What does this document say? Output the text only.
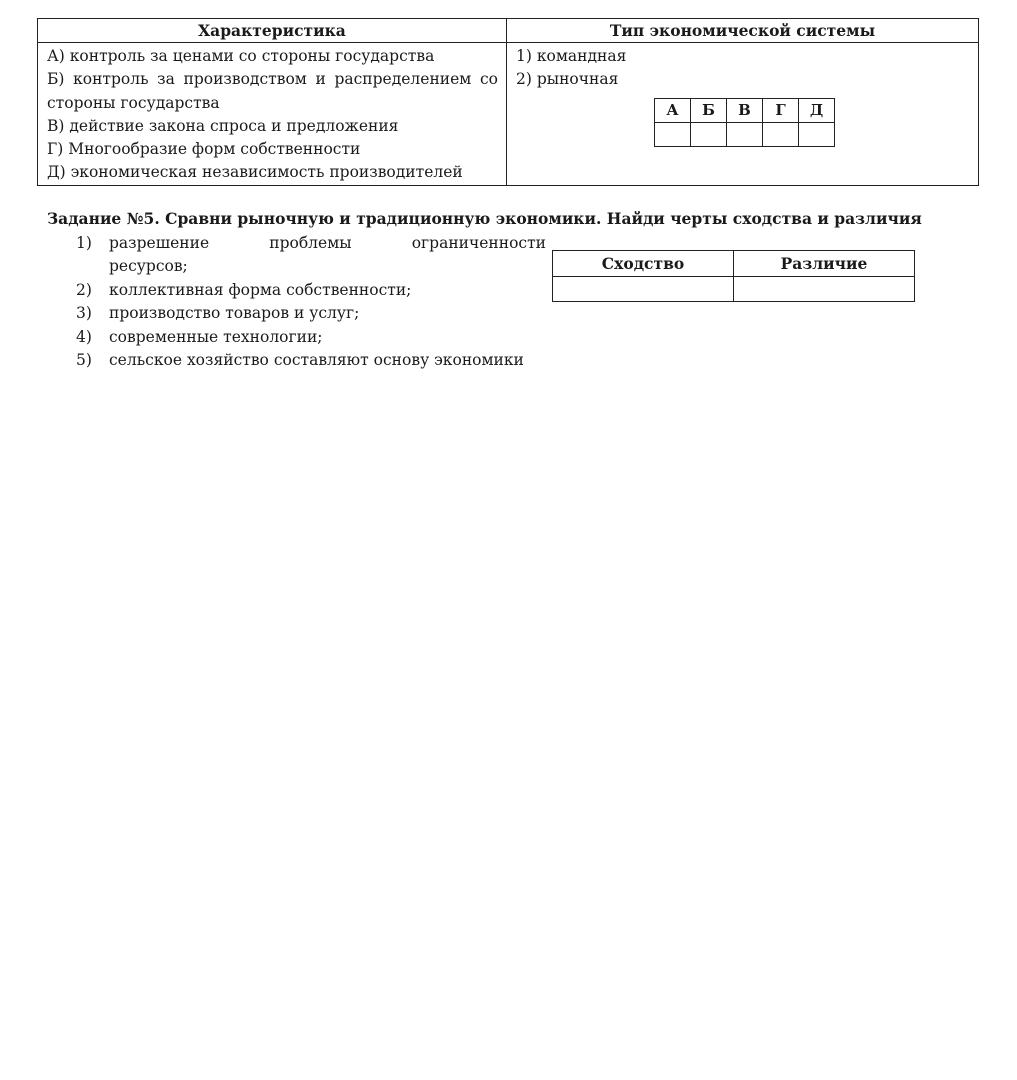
Характеристика	Тип экономической системы

А) контроль за ценами со стороны государства
Б) контроль за производством и распределением со стороны государства
В) действие закона спроса и предложения
Г) Многообразие форм собственности
Д) экономическая независимость производителей

1) командная
2) рыночная
А	Б	В	Г	Д

Задание №5. Сравни рыночную и традиционную экономики. Найди черты сходства и различия
1)	разрешение проблемы ограниченности
ресурсов;
2)	коллективная форма собственности;
3)	производство товаров и услуг;
4)	современные технологии;
5)	сельское хозяйство составляют основу экономики
Сходство	Различие
